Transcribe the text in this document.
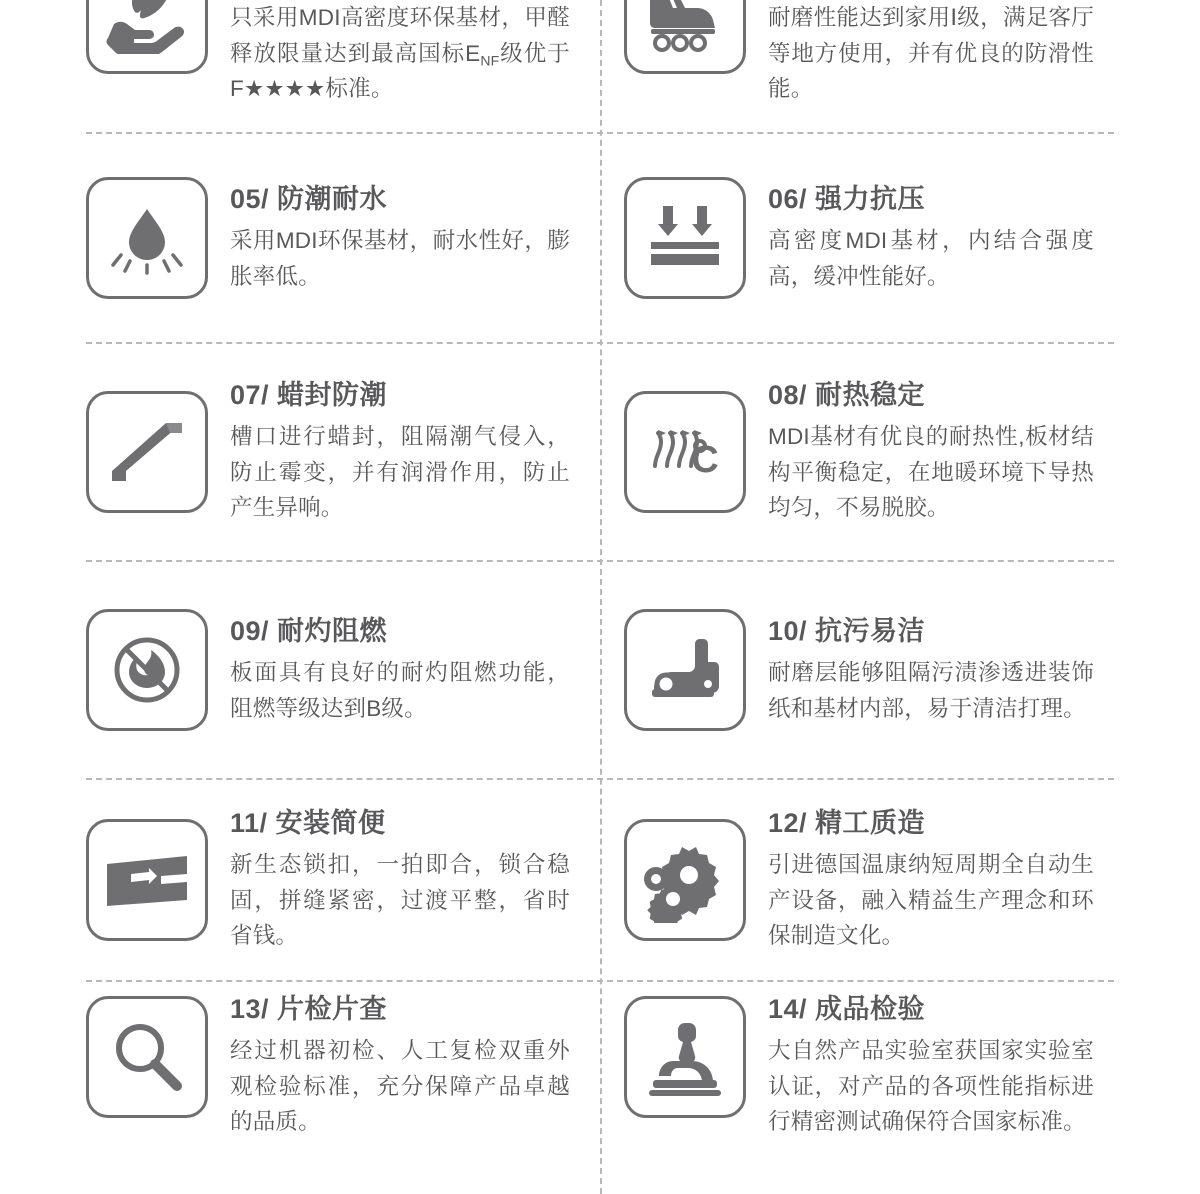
只采用MDI高密度环保基材，甲醛释放限量达到最高国标ENF级优于F★★★★标准。

耐磨性能达到家用Ⅰ级，满足客厅等地方使用，并有优良的防滑性能。

05/ 防潮耐水

采用MDI环保基材，耐水性好，膨胀率低。

06/ 强力抗压

高密度MDI基材，内结合强度高，缓冲性能好。

07/ 蜡封防潮

槽口进行蜡封，阻隔潮气侵入，防止霉变，并有润滑作用，防止产生异响。

C
08/ 耐热稳定

MDI基材有优良的耐热性,板材结构平衡稳定，在地暖环境下导热均匀，不易脱胶。

09/ 耐灼阻燃

板面具有良好的耐灼阻燃功能，阻燃等级达到B级。

10/ 抗污易洁

耐磨层能够阻隔污渍渗透进装饰纸和基材内部，易于清洁打理。

11/ 安装简便

新生态锁扣，一拍即合，锁合稳固，拼缝紧密，过渡平整，省时省钱。

12/ 精工质造

引进德国温康纳短周期全自动生产设备，融入精益生产理念和环保制造文化。

13/ 片检片查

经过机器初检、人工复检双重外观检验标准，充分保障产品卓越的品质。

14/ 成品检验

大自然产品实验室获国家实验室认证，对产品的各项性能指标进行精密测试确保符合国家标准。
